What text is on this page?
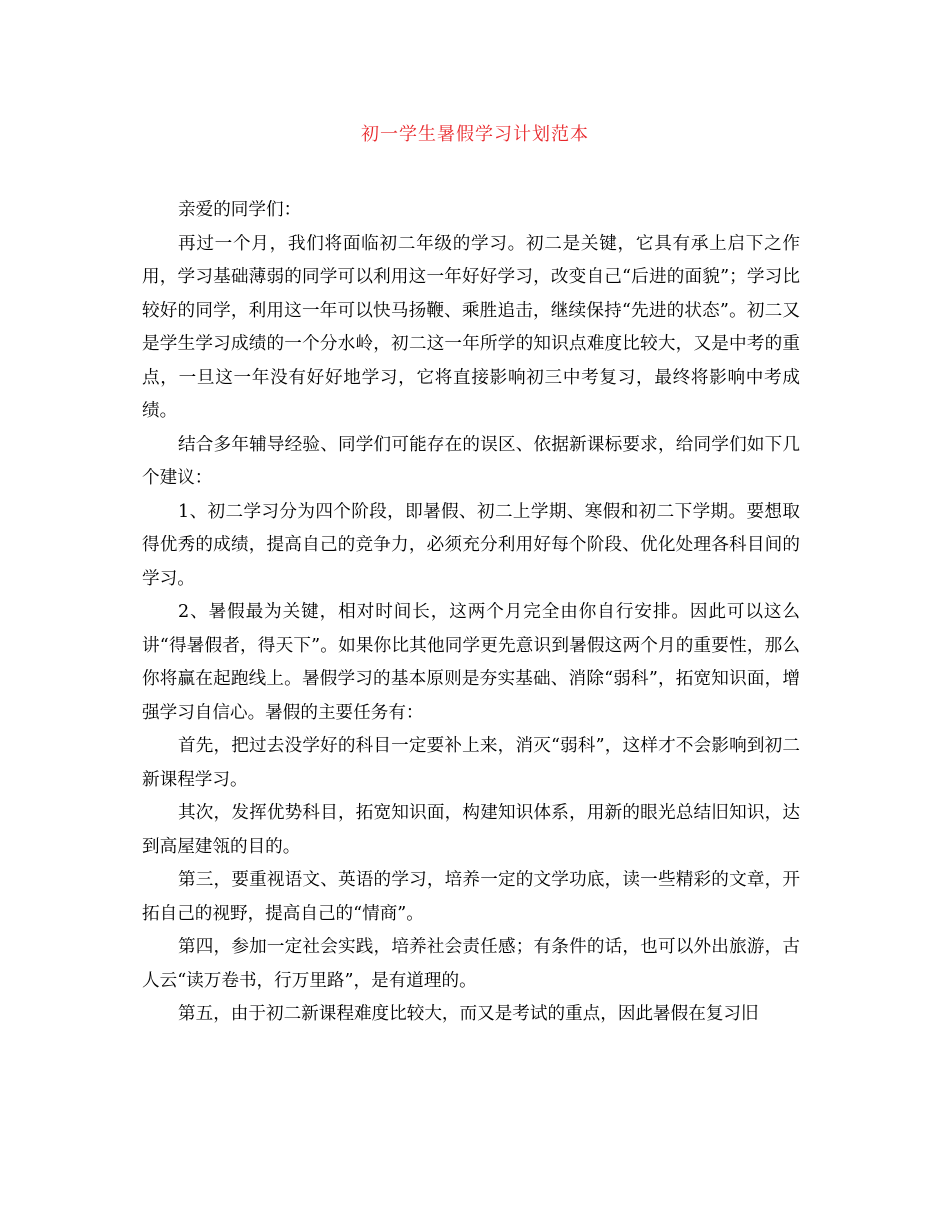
初一学生暑假学习计划范本

亲爱的同学们：

再过一个月，我们将面临初二年级的学习。初二是关键，它具有承上启下之作用，学习基础薄弱的同学可以利用这一年好好学习，改变自己“后进的面貌”；学习比较好的同学，利用这一年可以快马扬鞭、乘胜追击，继续保持“先进的状态”。初二又是学生学习成绩的一个分水岭，初二这一年所学的知识点难度比较大，又是中考的重点，一旦这一年没有好好地学习，它将直接影响初三中考复习，最终将影响中考成绩。

结合多年辅导经验、同学们可能存在的误区、依据新课标要求，给同学们如下几个建议：

1、初二学习分为四个阶段，即暑假、初二上学期、寒假和初二下学期。要想取得优秀的成绩，提高自己的竞争力，必须充分利用好每个阶段、优化处理各科目间的学习。

2、暑假最为关键，相对时间长，这两个月完全由你自行安排。因此可以这么讲“得暑假者，得天下”。如果你比其他同学更先意识到暑假这两个月的重要性，那么你将赢在起跑线上。暑假学习的基本原则是夯实基础、消除“弱科”，拓宽知识面，增强学习自信心。暑假的主要任务有：

首先，把过去没学好的科目一定要补上来，消灭“弱科”，这样才不会影响到初二新课程学习。

其次，发挥优势科目，拓宽知识面，构建知识体系，用新的眼光总结旧知识，达到高屋建瓴的目的。

第三，要重视语文、英语的学习，培养一定的文学功底，读一些精彩的文章，开拓自己的视野，提高自己的“情商”。

第四，参加一定社会实践，培养社会责任感；有条件的话，也可以外出旅游，古人云“读万卷书，行万里路”，是有道理的。

第五，由于初二新课程难度比较大，而又是考试的重点，因此暑假在复习旧
